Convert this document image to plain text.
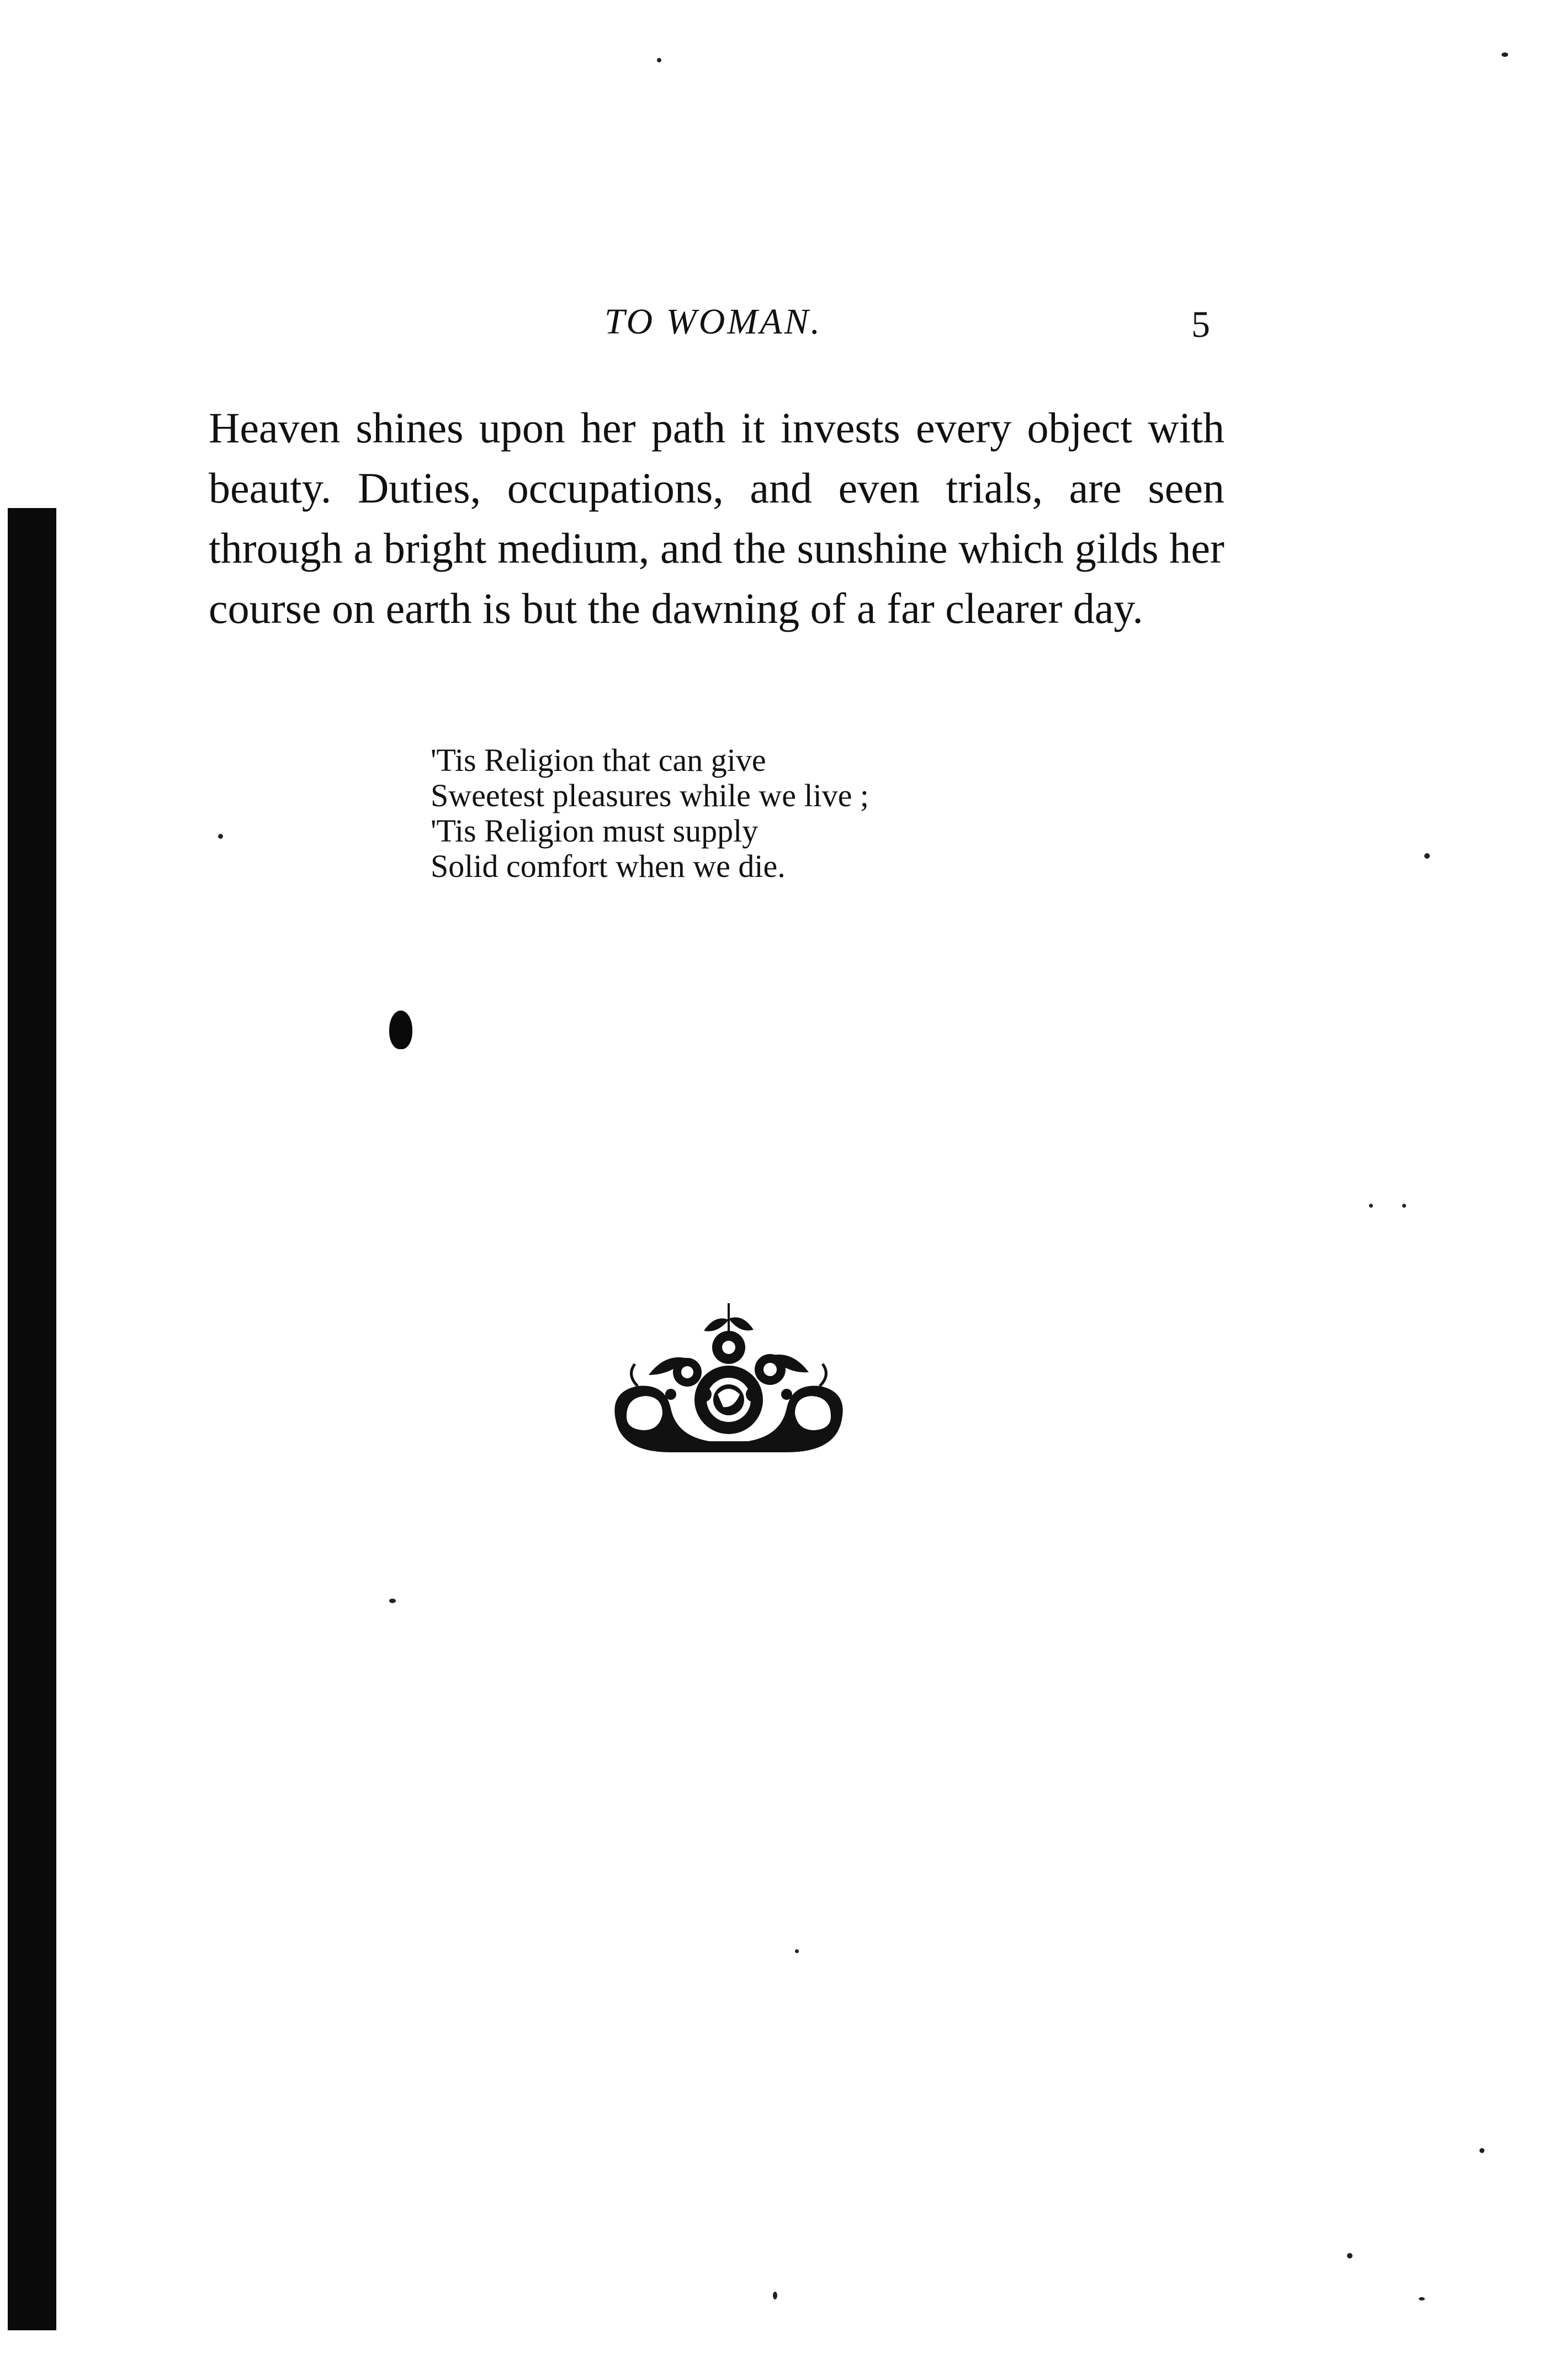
TO WOMAN.	5

Heaven shines upon her path it invests every object with beauty. Duties, occupations, and even trials, are seen through a bright medium, and the sunshine which gilds her course on earth is but the dawning of a far clearer day.

'Tis Religion that can give
Sweetest pleasures while we live ;
'Tis Religion must supply
Solid comfort when we die.
